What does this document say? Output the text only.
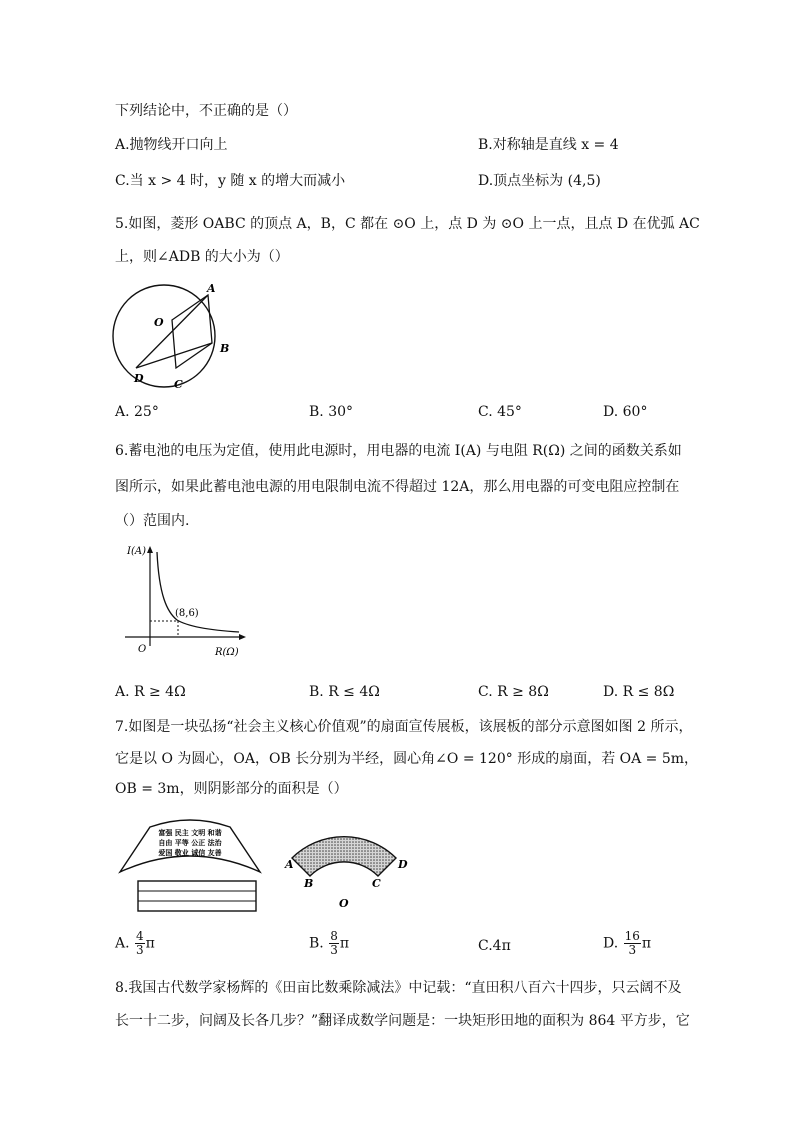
下列结论中，不正确的是（）
A.抛物线开口向上	B.对称轴是直线 x = 4
C.当 x > 4 时，y 随 x 的增大而减小	D.顶点坐标为 (4,5)
5.如图，菱形 OABC 的顶点 A，B，C 都在 ⊙O 上，点 D 为 ⊙O 上一点，且点 D 在优弧 AC
上，则∠ADB 的大小为（）
A
B
C
D
O
A. 25°	B. 30°	C. 45°	D. 60°
6.蓄电池的电压为定值，使用此电源时，用电器的电流 I(A) 与电阻 R(Ω) 之间的函数关系如
图所示，如果此蓄电池电源的用电限制电流不得超过 12A，那么用电器的可变电阻应控制在
（）范围内.
I(A)
R(Ω)
O
(8,6)
A. R ≥ 4Ω	B. R ≤ 4Ω	C. R ≥ 8Ω	D. R ≤ 8Ω
7.如图是一块弘扬“社会主义核心价值观”的扇面宣传展板，该展板的部分示意图如图 2 所示，
它是以 O 为圆心，OA，OB 长分别为半经，圆心角∠O = 120° 形成的扇面，若 OA = 5m，
OB = 3m，则阴影部分的面积是（）
富强 民主 文明 和谐
自由 平等 公正 法治
爱国 敬业 诚信 友善
A	D
B	C
O
A. $\frac{4}{3}$ π	B. $\frac{8}{3}$ π	C.4π	D. $\frac{16}{3}$ π
8.我国古代数学家杨辉的《田亩比数乘除减法》中记载：“直田积八百六十四步，只云阔不及
长一十二步，问阔及长各几步？”翻译成数学问题是：一块矩形田地的面积为 864 平方步，它
